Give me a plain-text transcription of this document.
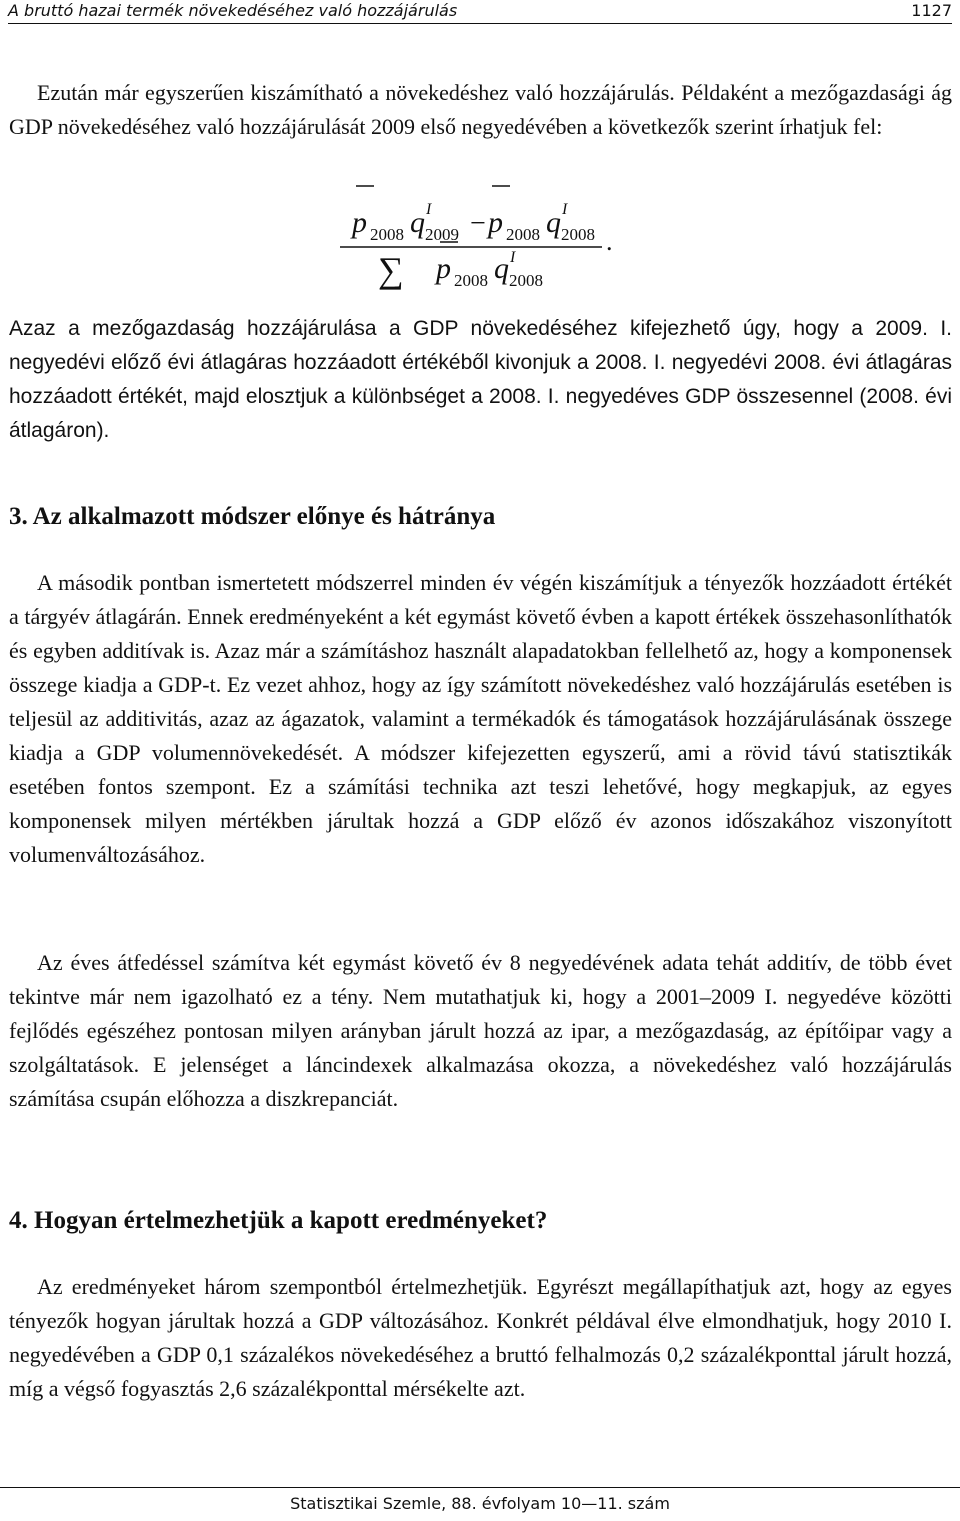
A bruttó hazai termék növekedéséhez való hozzájárulás	1127

Ezután már egyszerűen kiszámítható a növekedéshez való hozzájárulás. Példaként a mezőgazdasági ág GDP növekedéséhez való hozzájárulását 2009 első negyedévében a következők szerint írhatjuk fel:

p 2008 q I
2009 − p 2008 q I
2008 .
∑ p 2008 q I
2008

Azaz a mezőgazdaság hozzájárulása a GDP növekedéséhez kifejezhető úgy, hogy a 2009. I. negyedévi előző évi átlagáras hozzáadott értékéből kivonjuk a 2008. I. negyedévi 2008. évi átlagáras hozzáadott értékét, majd elosztjuk a különbséget a 2008. I. negyedéves GDP összesennel (2008. évi átlagáron).

3. Az alkalmazott módszer előnye és hátránya

A második pontban ismertetett módszerrel minden év végén kiszámítjuk a tényezők hozzáadott értékét a tárgyév átlagárán. Ennek eredményeként a két egymást követő évben a kapott értékek összehasonlíthatók és egyben additívak is. Azaz már a számításhoz használt alapadatokban fellelhető az, hogy a komponensek összege kiadja a GDP-t. Ez vezet ahhoz, hogy az így számított növekedéshez való hozzájárulás esetében is teljesül az additivitás, azaz az ágazatok, valamint a termékadók és támogatások hozzájárulásának összege kiadja a GDP volumennövekedését. A módszer kifejezetten egyszerű, ami a rövid távú statisztikák esetében fontos szempont. Ez a számítási technika azt teszi lehetővé, hogy megkapjuk, az egyes komponensek milyen mértékben járultak hozzá a GDP előző év azonos időszakához viszonyított volumenváltozásához.

Az éves átfedéssel számítva két egymást követő év 8 negyedévének adata tehát additív, de több évet tekintve már nem igazolható ez a tény. Nem mutathatjuk ki, hogy a 2001–2009 I. negyedéve közötti fejlődés egészéhez pontosan milyen arányban járult hozzá az ipar, a mezőgazdaság, az építőipar vagy a szolgáltatások. E jelenséget a láncindexek alkalmazása okozza, a növekedéshez való hozzájárulás számítása csupán előhozza a diszkrepanciát.

4. Hogyan értelmezhetjük a kapott eredményeket?

Az eredményeket három szempontból értelmezhetjük. Egyrészt megállapíthatjuk azt, hogy az egyes tényezők hogyan járultak hozzá a GDP változásához. Konkrét példával élve elmondhatjuk, hogy 2010 I. negyedévében a GDP 0,1 százalékos növekedéséhez a bruttó felhalmozás 0,2 százalékponttal járult hozzá, míg a végső fogyasztás 2,6 százalékponttal mérsékelte azt.

Statisztikai Szemle, 88. évfolyam 10—11. szám
